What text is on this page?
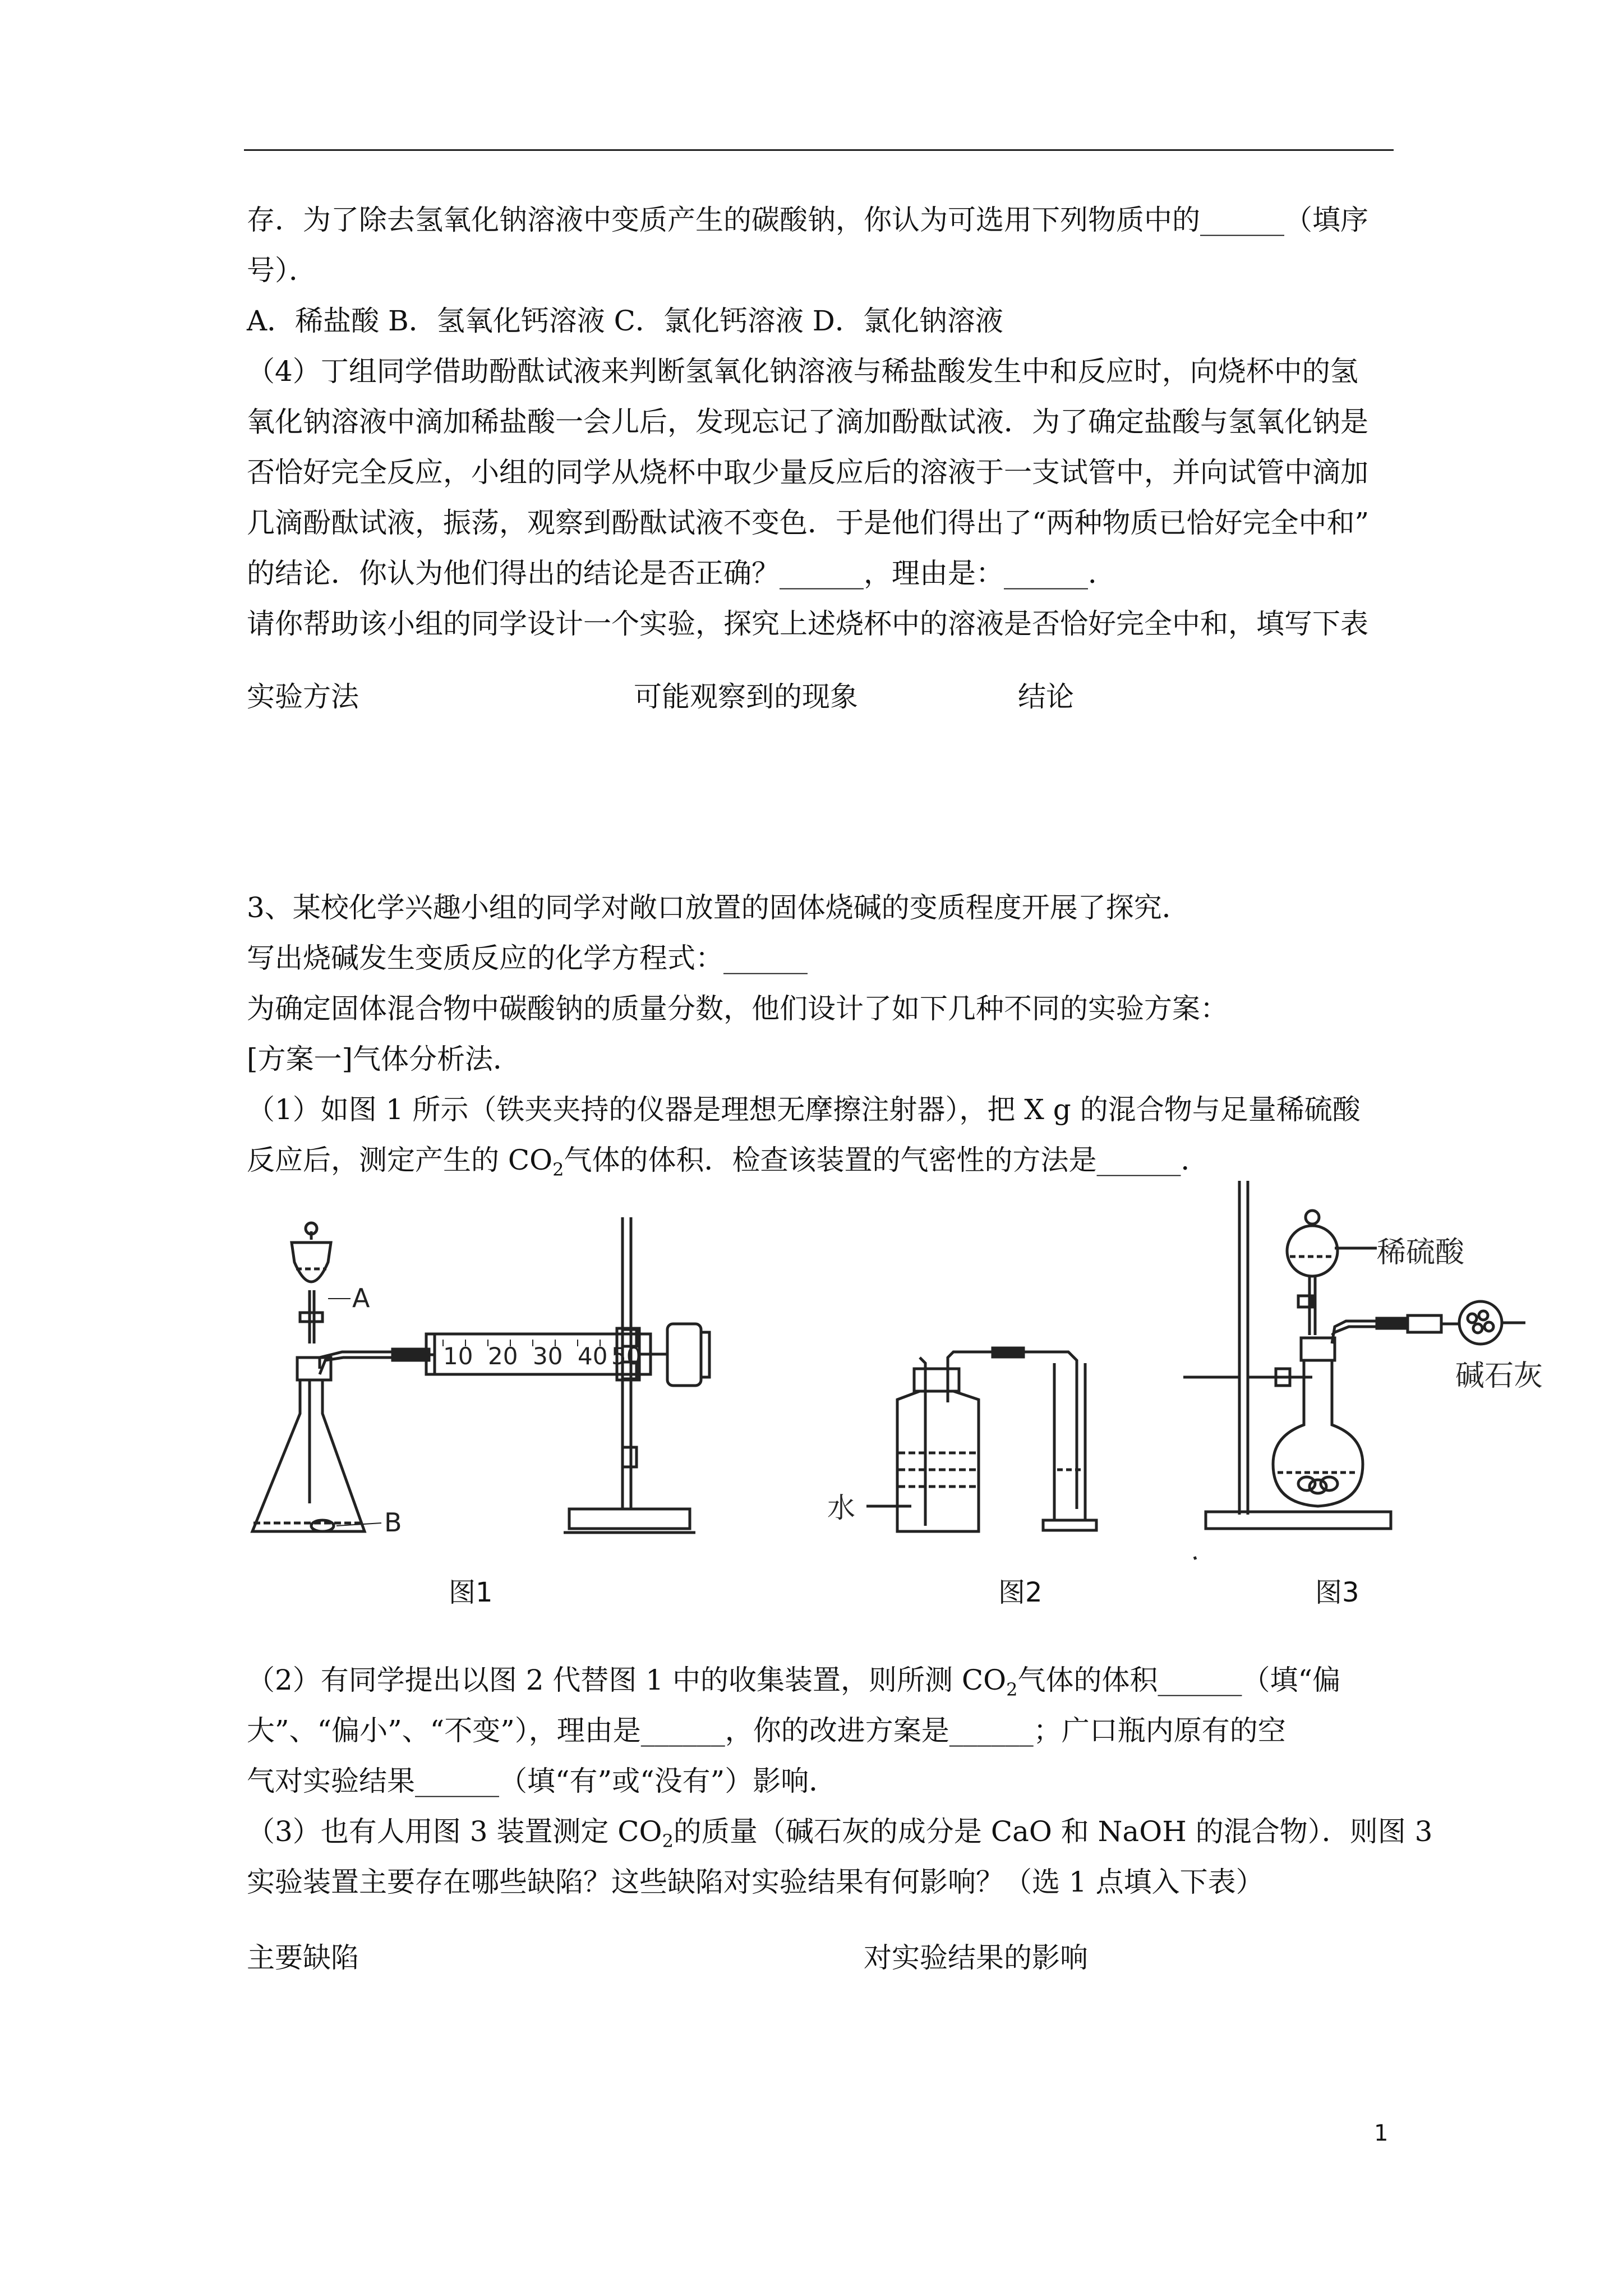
存．为了除去氢氧化钠溶液中变质产生的碳酸钠，你认为可选用下列物质中的______（填序
号）．
A．稀盐酸 B．氢氧化钙溶液 C．氯化钙溶液 D．氯化钠溶液
（4）丁组同学借助酚酞试液来判断氢氧化钠溶液与稀盐酸发生中和反应时，向烧杯中的氢
氧化钠溶液中滴加稀盐酸一会儿后，发现忘记了滴加酚酞试液．为了确定盐酸与氢氧化钠是
否恰好完全反应，小组的同学从烧杯中取少量反应后的溶液于一支试管中，并向试管中滴加
几滴酚酞试液，振荡，观察到酚酞试液不变色．于是他们得出了“两种物质已恰好完全中和”
的结论．你认为他们得出的结论是否正确？______，理由是：______．
请你帮助该小组的同学设计一个实验，探究上述烧杯中的溶液是否恰好完全中和，填写下表
实验方法	可能观察到的现象	结论
3、某校化学兴趣小组的同学对敞口放置的固体烧碱的变质程度开展了探究．
写出烧碱发生变质反应的化学方程式：______
为确定固体混合物中碳酸钠的质量分数，他们设计了如下几种不同的实验方案：
[方案一]气体分析法．
（1）如图 1 所示（铁夹夹持的仪器是理想无摩擦注射器），把 X g 的混合物与足量稀硫酸
反应后，测定产生的 $CO_2$气体的体积．检查该装置的气密性的方法是______．
10 20 30 40 50
A
B	水
稀硫酸
碱石灰
图1	图2	图3
（2）有同学提出以图 2 代替图 1 中的收集装置，则所测 $CO_2$气体的体积______（填“偏
大”、“偏小”、“不变”），理由是______，你的改进方案是______；广口瓶内原有的空
气对实验结果______（填“有”或“没有”）影响．
（3）也有人用图 3 装置测定 $CO_2$的质量（碱石灰的成分是 CaO 和 NaOH 的混合物）．则图 3
实验装置主要存在哪些缺陷？这些缺陷对实验结果有何影响？（选 1 点填入下表）
主要缺陷	对实验结果的影响
1
